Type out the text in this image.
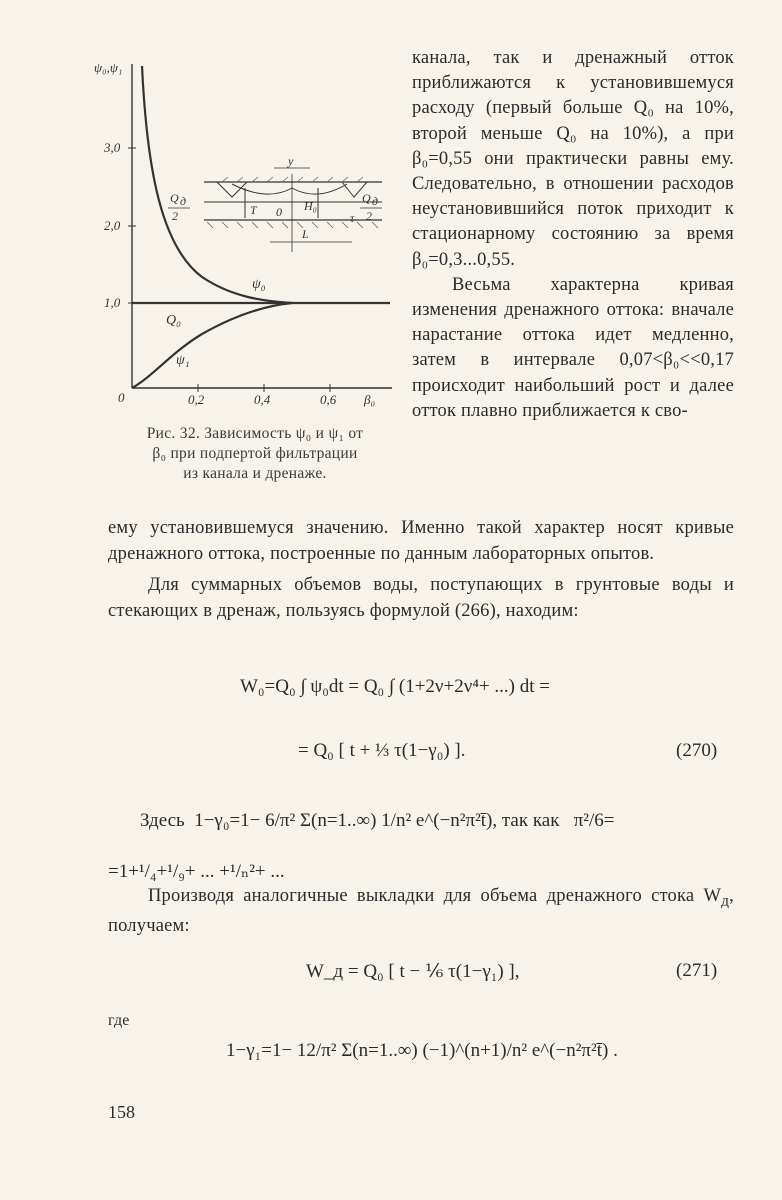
ψ₀,ψ₁
3,0
2,0
1,0
0	0,2	0,4	0,6 β₀
ψ₀
Q₀
ψ₁
y
Q д
2
Q д
2
T 0 H₀
τ
L
Рис. 32. Зависимость ψ₀ и ψ₁ от
β₀ при подпертой фильтрации
из канала и дренаже.

канала, так и дренажный отток приближаются к установившемуся расходу (первый больше Q₀ на 10%, второй меньше Q₀ на 10%), а при β₀=0,55 они практически равны ему. Следовательно, в отношении расходов неустановившийся поток приходит к стационарному состоянию за время β₀=0,3...0,55.

Весьма характерна кривая изменения дренажного оттока: вначале нарастание оттока идет медленно, затем в интервале 0,07<β₀<<0,17 происходит наибольший рост и далее отток плавно приближается к сво-

ему установившемуся значению. Именно такой характер носят кривые дренажного оттока, построенные по данным лабораторных опытов.

Для суммарных объемов воды, поступающих в грунтовые воды и стекающих в дренаж, пользуясь формулой (266), находим:

W₀=Q₀ ∫ ψ₀dt = Q₀ ∫ (1+2ν+2ν⁴+ ...) dt =
= Q₀ [ t + ⅓ τ(1−γ₀) ].	(270)
Здесь 1−γ₀=1− 6/π² Σ(n=1..∞) 1/n² e^(−n²π²t̄), так как π²/6=
=1+¹/₄+¹/₉+ ... +¹/ₙ²+ ...

Производя аналогичные выкладки для объема дренажного стока $W_д$, получаем:

W_д = Q₀ [ t − ⅙ τ(1−γ₁) ],	(271)
где
1−γ₁=1− 12/π² Σ(n=1..∞) (−1)^(n+1)/n² e^(−n²π²t̄) .
158
